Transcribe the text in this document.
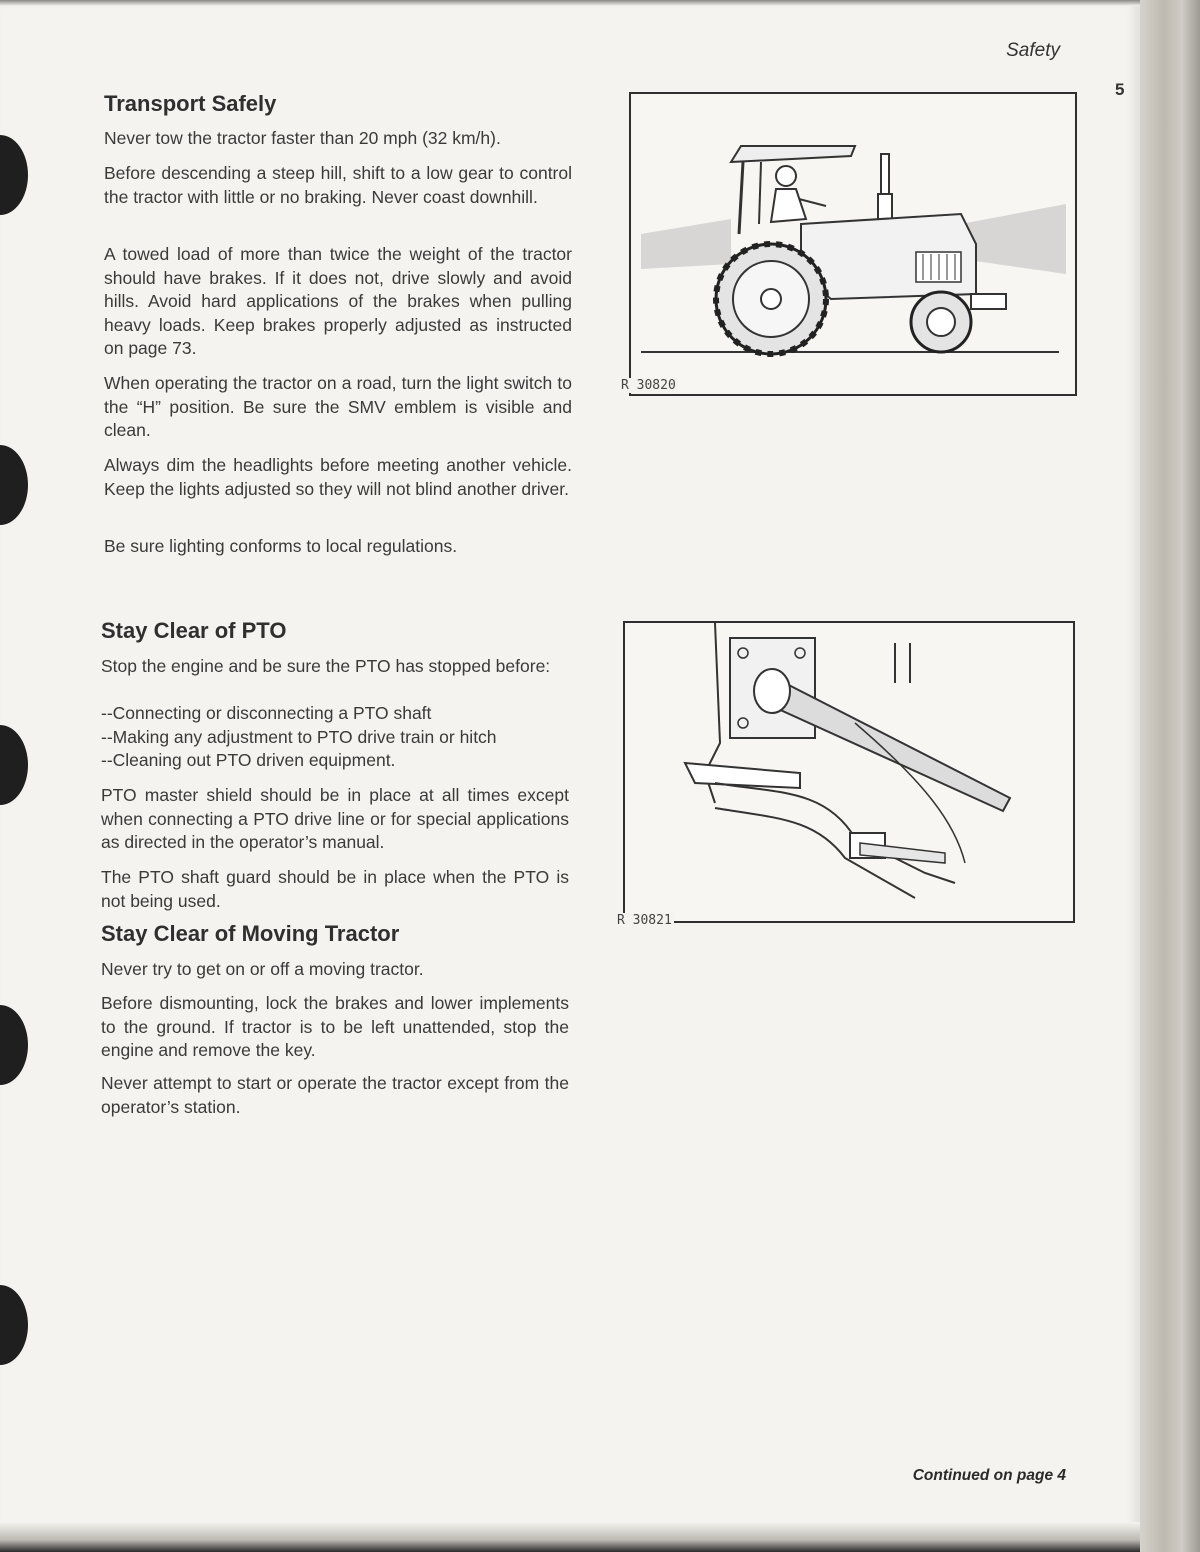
Safety
Transport Safely

Never tow the tractor faster than 20 mph (32 km/h).

Before descending a steep hill, shift to a low gear to control the tractor with little or no braking. Never coast downhill.

A towed load of more than twice the weight of the tractor should have brakes. If it does not, drive slowly and avoid hills. Avoid hard applications of the brakes when pulling heavy loads. Keep brakes properly adjusted as instructed on page 73.

When operating the tractor on a road, turn the light switch to the “H” position. Be sure the SMV emblem is visible and clean.

Always dim the headlights before meeting another vehicle. Keep the lights adjusted so they will not blind another driver.

Be sure lighting conforms to local regulations.

Stay Clear of PTO

Stop the engine and be sure the PTO has stopped before:

--Connecting or disconnecting a PTO shaft
--Making any adjustment to PTO drive train or hitch
--Cleaning out PTO driven equipment.

PTO master shield should be in place at all times except when connecting a PTO drive line or for special applications as directed in the operator’s manual.

The PTO shaft guard should be in place when the PTO is not being used.

Stay Clear of Moving Tractor

Never try to get on or off a moving tractor.

Before dismounting, lock the brakes and lower implements to the ground. If tractor is to be left unattended, stop the engine and remove the key.

Never attempt to start or operate the tractor except from the operator’s station.

R 30820
R 30821
Continued on page 4
5
